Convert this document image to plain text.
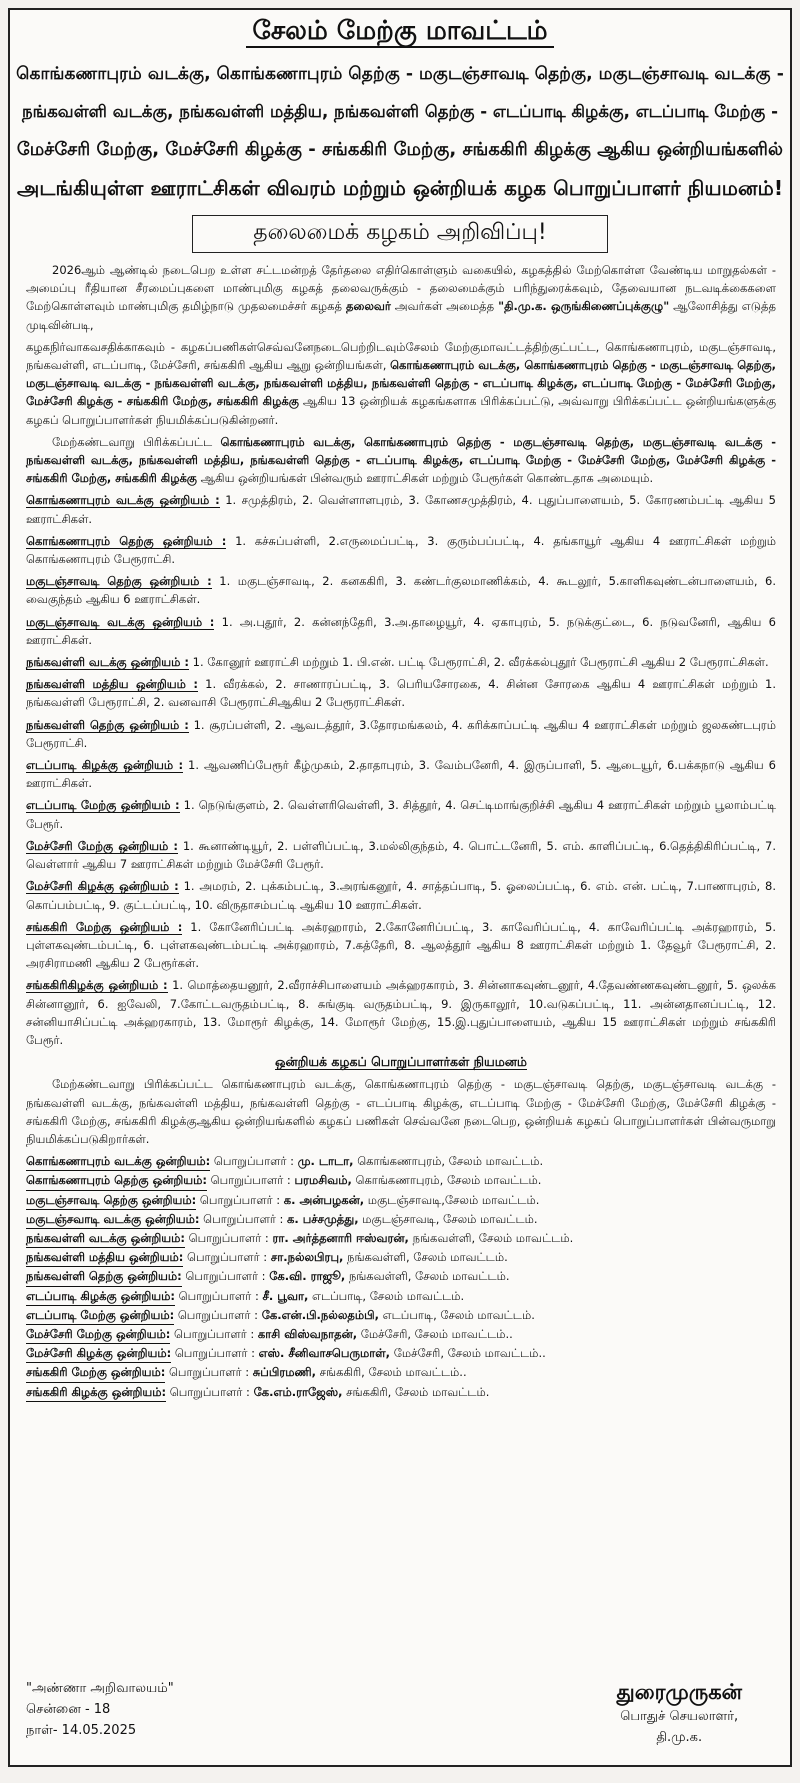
சேலம் மேற்கு மாவட்டம்
கொங்கணாபுரம் வடக்கு, கொங்கணாபுரம் தெற்கு - மகுடஞ்சாவடி தெற்கு, மகுடஞ்சாவடி வடக்கு -
நங்கவள்ளி வடக்கு, நங்கவள்ளி மத்திய, நங்கவள்ளி தெற்கு - எடப்பாடி கிழக்கு, எடப்பாடி மேற்கு -
மேச்சேரி மேற்கு, மேச்சேரி கிழக்கு - சங்ககிரி மேற்கு, சங்ககிரி கிழக்கு ஆகிய ஒன்றியங்களில்
அடங்கியுள்ள ஊராட்சிகள் விவரம் மற்றும் ஒன்றியக் கழக பொறுப்பாளர் நியமனம்!
தலைமைக் கழகம் அறிவிப்பு!

2026ஆம் ஆண்டில் நடைபெற உள்ள சட்டமன்றத் தேர்தலை எதிர்கொள்ளும் வகையில், கழகத்தில் மேற்கொள்ள வேண்டிய மாறுதல்கள் - அமைப்பு ரீதியான சீரமைப்புகளை மாண்புமிகு கழகத் தலைவருக்கும் - தலைமைக்கும் பரிந்துரைக்கவும், தேவையான நடவடிக்கைகளை மேற்கொள்ளவும் மாண்புமிகு தமிழ்நாடு முதலமைச்சர் கழகத் தலைவர் அவர்கள் அமைத்த "தி.மு.க. ஒருங்கிணைப்புக்குழு" ஆலோசித்து எடுத்த முடிவின்படி,

கழகநிர்வாகவசதிக்காகவும் - கழகப்பணிகள்செவ்வனேநடைபெற்றிடவும்சேலம் மேற்குமாவட்டத்திற்குட்பட்ட, கொங்கணாபுரம், மகுடஞ்சாவடி, நங்கவள்ளி, எடப்பாடி, மேச்சேரி, சங்ககிரி ஆகிய ஆறு ஒன்றியங்கள், கொங்கணாபுரம் வடக்கு, கொங்கணாபுரம் தெற்கு - மகுடஞ்சாவடி தெற்கு, மகுடஞ்சாவடி வடக்கு - நங்கவள்ளி வடக்கு, நங்கவள்ளி மத்திய, நங்கவள்ளி தெற்கு - எடப்பாடி கிழக்கு, எடப்பாடி மேற்கு - மேச்சேரி மேற்கு, மேச்சேரி கிழக்கு - சங்ககிரி மேற்கு, சங்ககிரி கிழக்கு ஆகிய 13 ஒன்றியக் கழகங்களாக பிரிக்கப்பட்டு, அவ்வாறு பிரிக்கப்பட்ட ஒன்றியங்களுக்கு கழகப் பொறுப்பாளர்கள் நியமிக்கப்படுகின்றனர்.

மேற்கண்டவாறு பிரிக்கப்பட்ட கொங்கணாபுரம் வடக்கு, கொங்கணாபுரம் தெற்கு - மகுடஞ்சாவடி தெற்கு, மகுடஞ்சாவடி வடக்கு - நங்கவள்ளி வடக்கு, நங்கவள்ளி மத்திய, நங்கவள்ளி தெற்கு - எடப்பாடி கிழக்கு, எடப்பாடி மேற்கு - மேச்சேரி மேற்கு, மேச்சேரி கிழக்கு - சங்ககிரி மேற்கு, சங்ககிரி கிழக்கு ஆகிய ஒன்றியங்கள் பின்வரும் ஊராட்சிகள் மற்றும் பேரூர்கள் கொண்டதாக அமையும்.

கொங்கணாபுரம் வடக்கு ஒன்றியம் : 1. சமுத்திரம், 2. வெள்ளாளபுரம், 3. கோணசமுத்திரம், 4. புதுப்பாளையம், 5. கோரணம்பட்டி ஆகிய 5 ஊராட்சிகள்.

கொங்கணாபுரம் தெற்கு ஒன்றியம் : 1. கச்சுப்பள்ளி, 2.எருமைப்பட்டி, 3. குரும்பப்பட்டி, 4. தங்காயூர் ஆகிய 4 ஊராட்சிகள் மற்றும் கொங்கணாபுரம் பேரூராட்சி.

மகுடஞ்சாவடி தெற்கு ஒன்றியம் : 1. மகுடஞ்சாவடி, 2. கனககிரி, 3. கண்டர்குலமாணிக்கம், 4. கூடலூர், 5.காளிகவுண்டன்பாளையம், 6. வைகுந்தம் ஆகிய 6 ஊராட்சிகள்.

மகுடஞ்சாவடி வடக்கு ஒன்றியம் : 1. அ.புதூர், 2. கன்னந்தேரி, 3.அ.தாழையூர், 4. ஏகாபுரம், 5. நடுக்குட்டை, 6. நடுவனேரி, ஆகிய 6 ஊராட்சிகள்.

நங்கவள்ளி வடக்கு ஒன்றியம் : 1. கோனூர் ஊராட்சி மற்றும் 1. பி.என். பட்டி பேரூராட்சி, 2. வீரக்கல்புதூர் பேரூராட்சி ஆகிய 2 பேரூராட்சிகள்.

நங்கவள்ளி மத்திய ஒன்றியம் : 1. வீரக்கல், 2. சாணாரப்பட்டி, 3. பெரியசோரகை, 4. சின்ன சோரகை ஆகிய 4 ஊராட்சிகள் மற்றும் 1. நங்கவள்ளி பேரூராட்சி, 2. வனவாசி பேரூராட்சிஆகிய 2 பேரூராட்சிகள்.

நங்கவள்ளி தெற்கு ஒன்றியம் : 1. சூரப்பள்ளி, 2. ஆவடத்தூர், 3.தோரமங்கலம், 4. கரிக்காப்பட்டி ஆகிய 4 ஊராட்சிகள் மற்றும் ஜலகண்டபுரம் பேரூராட்சி.

எடப்பாடி கிழக்கு ஒன்றியம் : 1. ஆவணிப்பேரூர் கீழ்முகம், 2.தாதாபுரம், 3. வேம்பனேரி, 4. இருப்பாளி, 5. ஆடையூர், 6.பக்கநாடு ஆகிய 6 ஊராட்சிகள்.

எடப்பாடி மேற்கு ஒன்றியம் : 1. நெடுங்குளம், 2. வெள்ளரிவெள்ளி, 3. சித்தூர், 4. செட்டிமாங்குறிச்சி ஆகிய 4 ஊராட்சிகள் மற்றும் பூலாம்பட்டி பேரூர்.

மேச்சேரி மேற்கு ஒன்றியம் : 1. கூனாண்டியூர், 2. பள்ளிப்பட்டி, 3.மல்லிகுந்தம், 4. பொட்டனேரி, 5. எம். காளிப்பட்டி, 6.தெத்திகிரிப்பட்டி, 7. வெள்ளார் ஆகிய 7 ஊராட்சிகள் மற்றும் மேச்சேரி பேரூர்.

மேச்சேரி கிழக்கு ஒன்றியம் : 1. அமரம், 2. புக்கம்பட்டி, 3.அரங்கனூர், 4. சாத்தப்பாடி, 5. ஓலைப்பட்டி, 6. எம். என். பட்டி, 7.பாணாபுரம், 8. கொப்பம்பட்டி, 9. குட்டப்பட்டி, 10. விருதாசம்பட்டி ஆகிய 10 ஊராட்சிகள்.

சங்ககிரி மேற்கு ஒன்றியம் : 1. கோனேரிப்பட்டி அக்ரஹாரம், 2.கோனேரிப்பட்டி, 3. காவேரிப்பட்டி, 4. காவேரிப்பட்டி அக்ரஹாரம், 5. புள்ளகவுண்டம்பட்டி, 6. புள்ளகவுண்டம்பட்டி அக்ரஹாரம், 7.கத்தேரி, 8. ஆலத்தூர் ஆகிய 8 ஊராட்சிகள் மற்றும் 1. தேவூர் பேரூராட்சி, 2. அரசிராமணி ஆகிய 2 பேரூர்கள்.

சங்ககிரிகிழக்கு ஒன்றியம் : 1. மொத்தையனூர், 2.வீராச்சிபாளையம் அக்ஹரகாரம், 3. சின்னாகவுண்டனூர், 4.தேவண்ணகவுண்டனூர், 5. ஒலக்க சின்னானூர், 6. ஐவேலி, 7.கோட்டவருதம்பட்டி, 8. சுங்குடி வருதம்பட்டி, 9. இருகாலூர், 10.வடுகப்பட்டி, 11. அன்னதானப்பட்டி, 12. சன்னியாசிப்பட்டி அக்ஹரகாரம், 13. மோரூர் கிழக்கு, 14. மோரூர் மேற்கு, 15.இ.புதுப்பாளையம், ஆகிய 15 ஊராட்சிகள் மற்றும் சங்ககிரி பேரூர்.

ஒன்றியக் கழகப் பொறுப்பாளர்கள் நியமனம்

மேற்கண்டவாறு பிரிக்கப்பட்ட கொங்கணாபுரம் வடக்கு, கொங்கணாபுரம் தெற்கு - மகுடஞ்சாவடி தெற்கு, மகுடஞ்சாவடி வடக்கு - நங்கவள்ளி வடக்கு, நங்கவள்ளி மத்திய, நங்கவள்ளி தெற்கு - எடப்பாடி கிழக்கு, எடப்பாடி மேற்கு - மேச்சேரி மேற்கு, மேச்சேரி கிழக்கு - சங்ககிரி மேற்கு, சங்ககிரி கிழக்குஆகிய ஒன்றியங்களில் கழகப் பணிகள் செவ்வனே நடைபெற, ஒன்றியக் கழகப் பொறுப்பாளர்கள் பின்வருமாறு நியமிக்கப்படுகிறார்கள்.

கொங்கணாபுரம் வடக்கு ஒன்றியம்: பொறுப்பாளர் : மு. டாடா, கொங்கணாபுரம், சேலம் மாவட்டம்.
கொங்கணாபுரம் தெற்கு ஒன்றியம்: பொறுப்பாளர் : பரமசிவம், கொங்கணாபுரம், சேலம் மாவட்டம்.
மகுடஞ்சாவடி தெற்கு ஒன்றியம்: பொறுப்பாளர் : க. அன்பழகன், மகுடஞ்சாவடி,சேலம் மாவட்டம்.
மகுடஞ்சவாடி வடக்கு ஒன்றியம்: பொறுப்பாளர் : க. பச்சமுத்து, மகுடஞ்சாவடி, சேலம் மாவட்டம்.
நங்கவள்ளி வடக்கு ஒன்றியம்: பொறுப்பாளர் : ரா. அர்த்தனாரி ஈஸ்வரன், நங்கவள்ளி, சேலம் மாவட்டம்.
நங்கவள்ளி மத்திய ஒன்றியம்: பொறுப்பாளர் : சா.நல்லபிரபு, நங்கவள்ளி, சேலம் மாவட்டம்.
நங்கவள்ளி தெற்கு ஒன்றியம்: பொறுப்பாளர் : கே.வி. ராஜூ, நங்கவள்ளி, சேலம் மாவட்டம்.
எடப்பாடி கிழக்கு ஒன்றியம்: பொறுப்பாளர் : சீ. பூவா, எடப்பாடி, சேலம் மாவட்டம்.
எடப்பாடி மேற்கு ஒன்றியம்: பொறுப்பாளர் : கே.என்.பி.நல்லதம்பி, எடப்பாடி, சேலம் மாவட்டம்.
மேச்சேரி மேற்கு ஒன்றியம்: பொறுப்பாளர் : காசி விஸ்வநாதன், மேச்சேரி, சேலம் மாவட்டம்..
மேச்சேரி கிழக்கு ஒன்றியம்: பொறுப்பாளர் : எஸ். சீனிவாசபெருமாள், மேச்சேரி, சேலம் மாவட்டம்..
சங்ககிரி மேற்கு ஒன்றியம்: பொறுப்பாளர் : சுப்பிரமணி, சங்ககிரி, சேலம் மாவட்டம்..
சங்ககிரி கிழக்கு ஒன்றியம்: பொறுப்பாளர் : கே.எம்.ராஜேஸ், சங்ககிரி, சேலம் மாவட்டம்.
"அண்ணா அறிவாலயம்"
சென்னை - 18
நாள்- 14.05.2025
துரைமுருகன்
பொதுச் செயலாளர்,
தி.மு.க.
